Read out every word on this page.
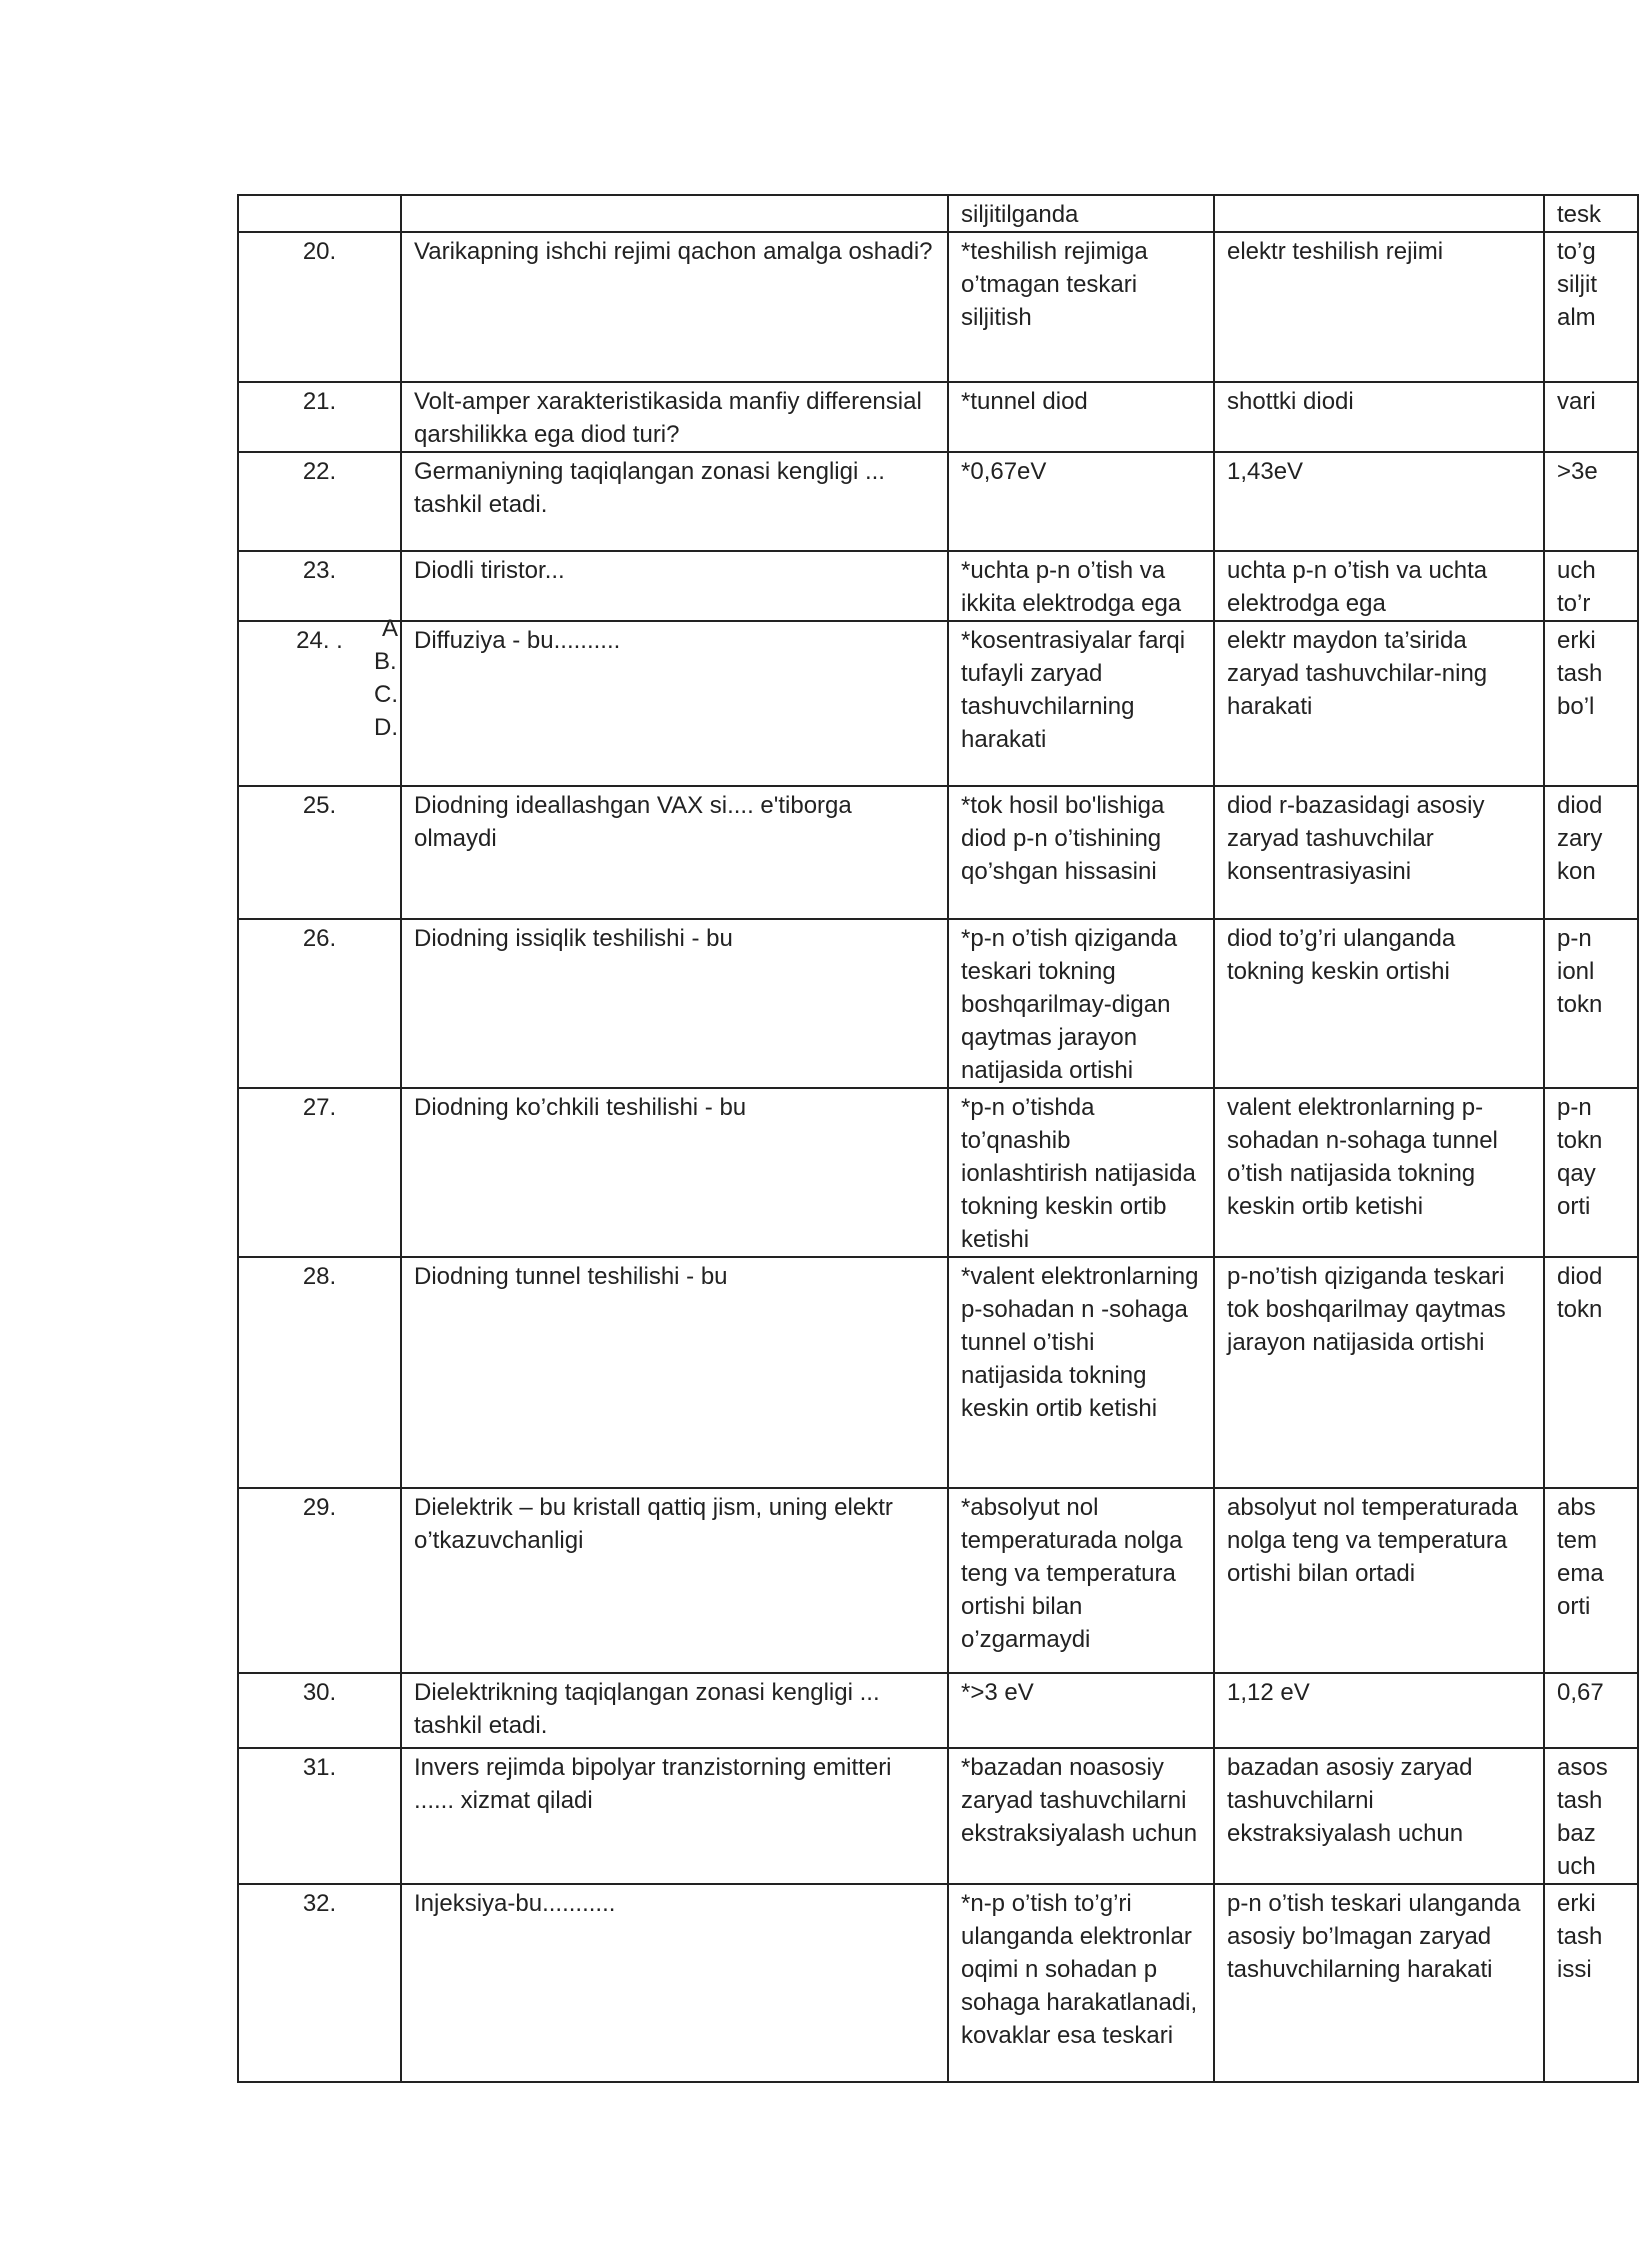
		siljitilganda		tesk
20.	Varikapning ishchi rejimi qachon amalga oshadi?	*teshilish rejimiga o’tmagan teskari siljitish	elektr teshilish rejimi	to’g siljit alm
21.	Volt-amper xarakteristikasida manfiy differensial qarshilikka ega diod turi?	*tunnel diod	shottki diodi	vari
22.	Germaniyning taqiqlangan zonasi kengligi ... tashkil etadi.	*0,67eV	1,43eV	>3e
23.	Diodli tiristor...	*uchta p-n o’tish va ikkita elektrodga ega	uchta p-n o’tish va uchta elektrodga ega	uch to’r
24. .	Diffuziya - bu..........	*kosentrasiyalar farqi tufayli zaryad tashuvchilarning harakati	elektr maydon ta’sirida zaryad tashuvchilar-ning harakati	erki tash bo’l
25.	Diodning ideallashgan VAX si.... e'tiborga olmaydi	*tok hosil bo'lishiga diod p-n o’tishining qo’shgan hissasini	diod r-bazasidagi asosiy zaryad tashuvchilar konsentrasiyasini	diod zary kon
26.	Diodning issiqlik teshilishi - bu	*p-n o’tish qiziganda teskari tokning boshqarilmay-digan qaytmas jarayon natijasida ortishi	diod to’g’ri ulanganda tokning keskin ortishi	p-n ionl tokn
27.	Diodning ko’chkili teshilishi - bu	*p-n o’tishda to’qnashib ionlashtirish natijasida tokning keskin ortib ketishi	valent elektronlarning p-sohadan n-sohaga tunnel o’tish natijasida tokning keskin ortib ketishi	p-n tokn qay orti
28.	Diodning tunnel teshilishi - bu	*valent elektronlarning p-sohadan n -sohaga tunnel o’tishi natijasida tokning keskin ortib ketishi	p-no’tish qiziganda teskari tok boshqarilmay qaytmas jarayon natijasida ortishi	diod tokn
29.	Dielektrik – bu kristall qattiq jism, uning elektr o’tkazuvchanligi	*absolyut nol temperaturada nolga teng va temperatura ortishi bilan o’zgarmaydi	absolyut nol temperaturada nolga teng va temperatura ortishi bilan ortadi	abs tem ema orti
30.	Dielektrikning taqiqlangan zonasi kengligi ... tashkil etadi.	*>3 eV	1,12 eV	0,67
31.	Invers rejimda bipolyar tranzistorning emitteri ...... xizmat qiladi	*bazadan noasosiy zaryad tashuvchilarni ekstraksiyalash uchun	bazadan asosiy zaryad tashuvchilarni ekstraksiyalash uchun	asos tash baz uch
32.	Injeksiya-bu...........	*n-p o’tish to’g’ri ulanganda elektronlar oqimi n sohadan p sohaga harakatlanadi, kovaklar esa teskari	p-n o’tish teskari ulanganda asosiy bo’lmagan zaryad tashuvchilarning harakati	erki tash issi
A
B.
C.
D.
